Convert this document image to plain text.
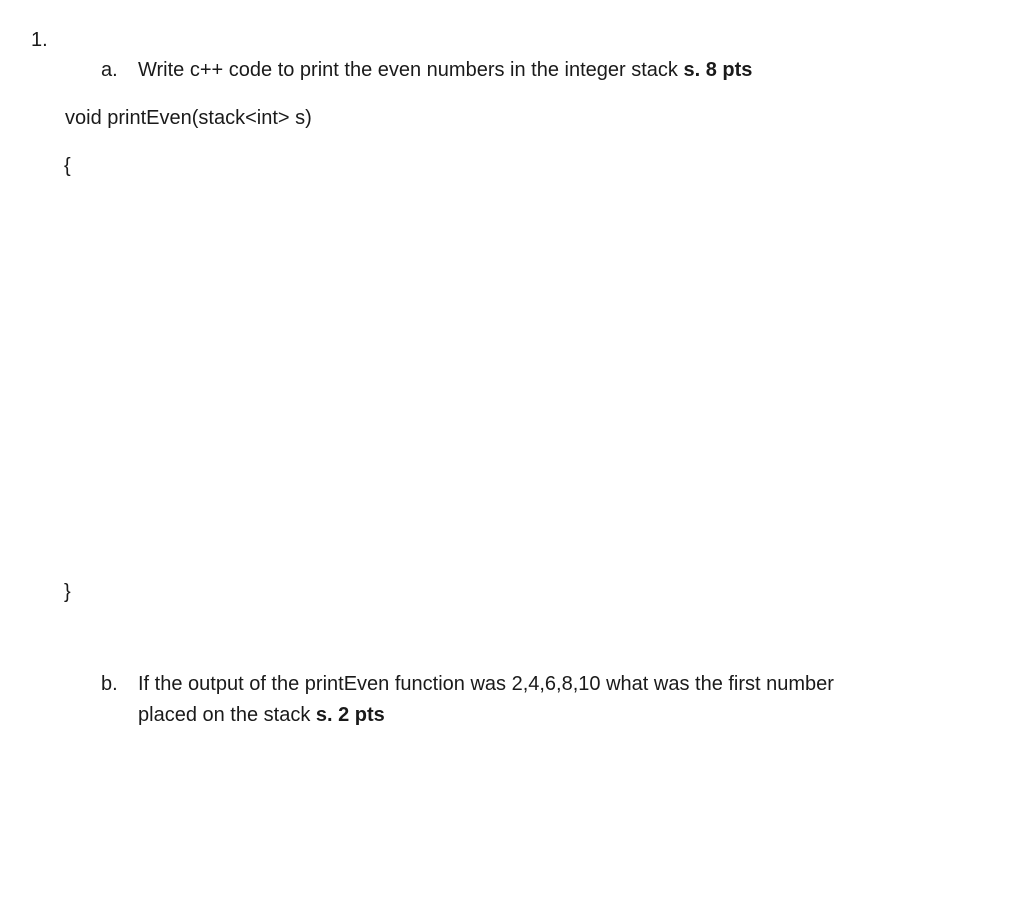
1.
a. Write c++ code to print the even numbers in the integer stack s. 8 pts
void printEven(stack<int> s)
{
}
b. If the output of the printEven function was 2,4,6,8,10 what was the first number
placed on the stack s. 2 pts
